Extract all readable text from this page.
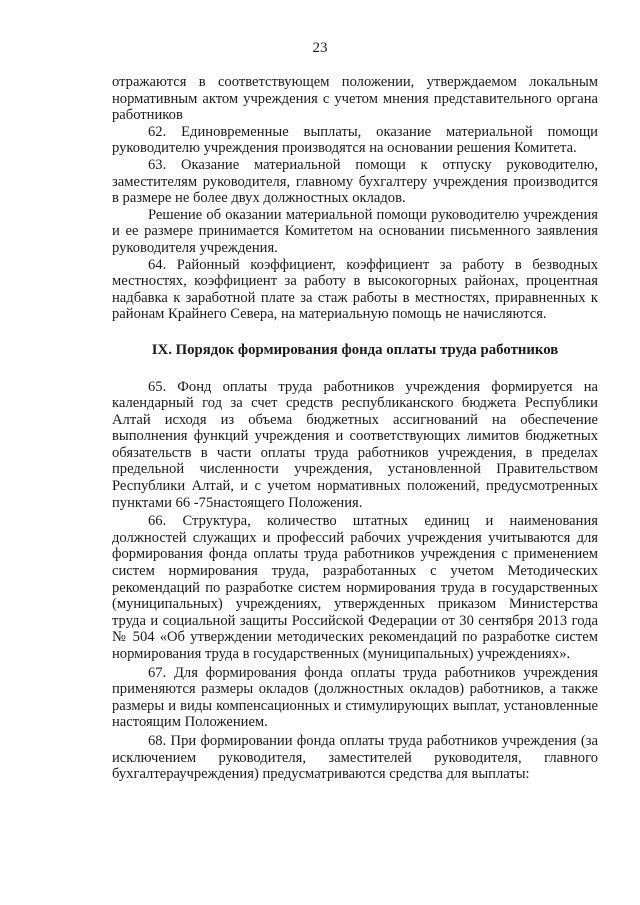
23

отражаются в соответствующем положении, утверждаемом локальным нормативным актом учреждения с учетом мнения представительного органа работников

62. Единовременные выплаты, оказание материальной помощи руководителю учреждения производятся на основании решения Комитета.

63. Оказание материальной помощи к отпуску руководителю, заместителям руководителя, главному бухгалтеру учреждения производится в размере не более двух должностных окладов.

Решение об оказании материальной помощи руководителю учреждения и ее размере принимается Комитетом на основании письменного заявления руководителя учреждения.

64. Районный коэффициент, коэффициент за работу в безводных местностях, коэффициент за работу в высокогорных районах, процентная надбавка к заработной плате за стаж работы в местностях, приравненных к районам Крайнего Севера, на материальную помощь не начисляются.

IX. Порядок формирования фонда оплаты труда работников

65. Фонд оплаты труда работников учреждения формируется на календарный год за счет средств республиканского бюджета Республики Алтай исходя из объема бюджетных ассигнований на обеспечение выполнения функций учреждения и соответствующих лимитов бюджетных обязательств в части оплаты труда работников учреждения, в пределах предельной численности учреждения, установленной Правительством Республики Алтай, и с учетом нормативных положений, предусмотренных пунктами 66 -75настоящего Положения.

66. Структура, количество штатных единиц и наименования должностей служащих и профессий рабочих учреждения учитываются для формирования фонда оплаты труда работников учреждения с применением систем нормирования труда, разработанных с учетом Методических рекомендаций по разработке систем нормирования труда в государственных (муниципальных) учреждениях, утвержденных приказом Министерства труда и социальной защиты Российской Федерации от 30 сентября 2013 года № 504 «Об утверждении методических рекомендаций по разработке систем нормирования труда в государственных (муниципальных) учреждениях».

67. Для формирования фонда оплаты труда работников учреждения применяются размеры окладов (должностных окладов) работников, а также размеры и виды компенсационных и стимулирующих выплат, установленные настоящим Положением.

68. При формировании фонда оплаты труда работников учреждения (за исключением руководителя, заместителей руководителя, главного бухгалтераучреждения) предусматриваются средства для выплаты:
